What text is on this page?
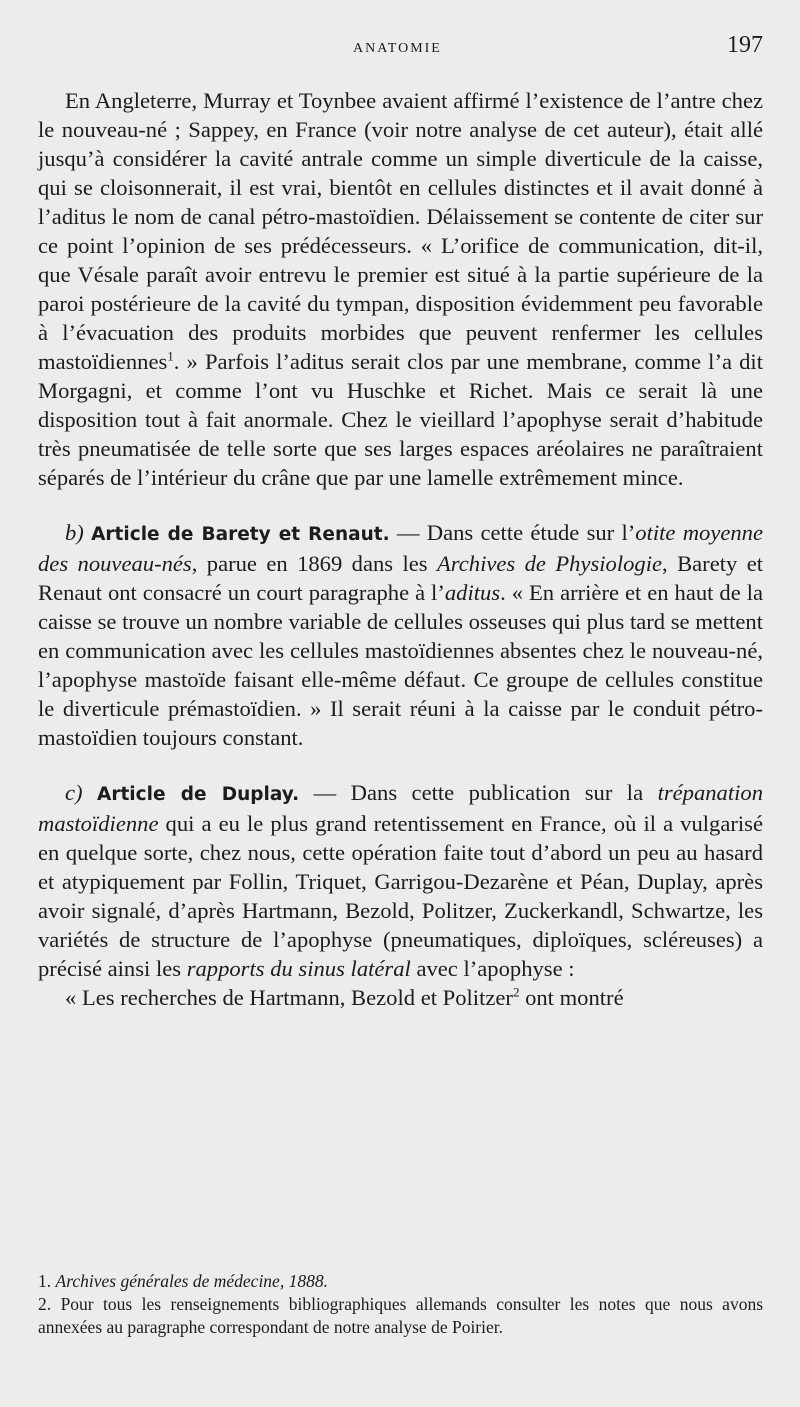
ANATOMIE	197

En Angleterre, Murray et Toynbee avaient affirmé l’existence de l’antre chez le nouveau-né ; Sappey, en France (voir notre analyse de cet auteur), était allé jusqu’à considérer la cavité antrale comme un simple diverticule de la caisse, qui se cloisonnerait, il est vrai, bientôt en cellules distinctes et il avait donné à l’aditus le nom de canal pétro-mastoïdien. Délaissement se contente de citer sur ce point l’opinion de ses prédécesseurs. « L’orifice de communication, dit-il, que Vésale paraît avoir entrevu le premier est situé à la partie supérieure de la paroi postérieure de la cavité du tympan, disposition évidemment peu favorable à l’évacuation des produits morbides que peuvent renfermer les cellules mastoïdiennes$^1$. » Parfois l’aditus serait clos par une membrane, comme l’a dit Morgagni, et comme l’ont vu Huschke et Richet. Mais ce serait là une disposition tout à fait anormale. Chez le vieillard l’apophyse serait d’habitude très pneumatisée de telle sorte que ses larges espaces aréolaires ne paraîtraient séparés de l’intérieur du crâne que par une lamelle extrêmement mince.

b) Article de Barety et Renaut. — Dans cette étude sur l’otite moyenne des nouveau-nés, parue en 1869 dans les Archives de Physiologie, Barety et Renaut ont consacré un court paragraphe à l’aditus. « En arrière et en haut de la caisse se trouve un nombre variable de cellules osseuses qui plus tard se mettent en communication avec les cellules mastoïdiennes absentes chez le nouveau-né, l’apophyse mastoïde faisant elle-même défaut. Ce groupe de cellules constitue le diverticule prémastoïdien. » Il serait réuni à la caisse par le conduit pétro-mastoïdien toujours constant.

c) Article de Duplay. — Dans cette publication sur la trépanation mastoïdienne qui a eu le plus grand retentissement en France, où il a vulgarisé en quelque sorte, chez nous, cette opération faite tout d’abord un peu au hasard et atypiquement par Follin, Triquet, Garrigou-Dezarène et Péan, Duplay, après avoir signalé, d’après Hartmann, Bezold, Politzer, Zuckerkandl, Schwartze, les variétés de structure de l’apophyse (pneumatiques, diploïques, scléreuses) a précisé ainsi les rapports du sinus latéral avec l’apophyse :

« Les recherches de Hartmann, Bezold et Politzer$^2$ ont montré

1. Archives générales de médecine, 1888.

2. Pour tous les renseignements bibliographiques allemands consulter les notes que nous avons annexées au paragraphe correspondant de notre analyse de Poirier.
